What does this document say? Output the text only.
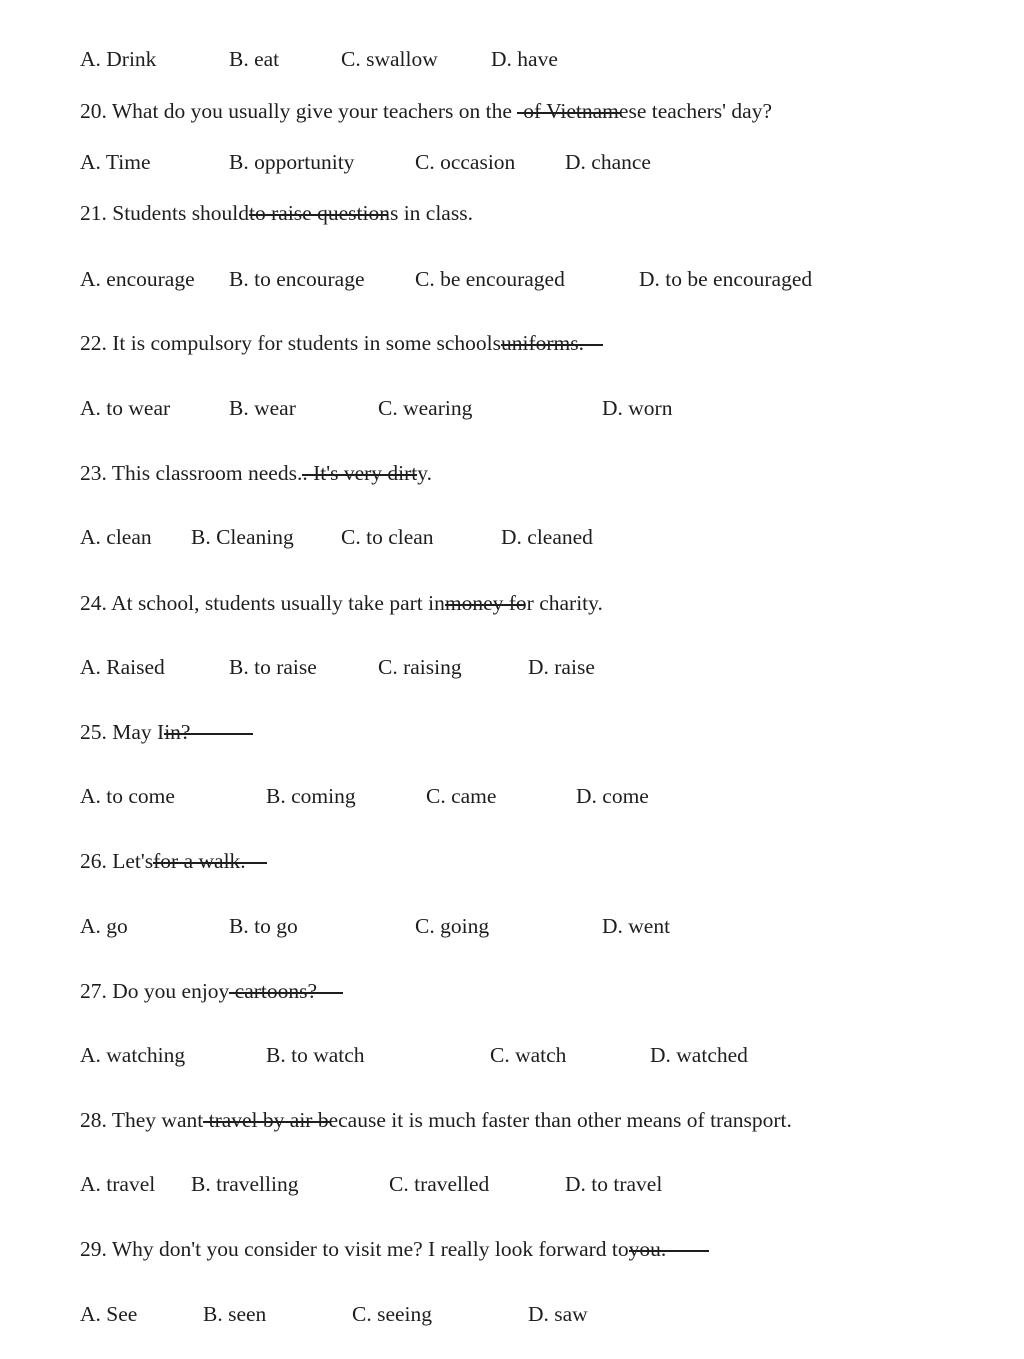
A. Drink	B. eat	C. swallow D. have
20. What do you usually give your teachers on the
of Vietnamese teachers' day?
A. Time	B. opportunity	C. occasion D. chance
21. Students should
to raise questions in class.
A. encourage B. to encourage C. be encouraged	D. to be encouraged
22. It is compulsory for students in some schools
uniforms.
A. to wear	B. wear	C. wearing	D. worn
23. This classroom needs.
. It's very dirty.
A. clean B. Cleaning C. to clean	D. cleaned
24. At school, students usually take part in
money for charity.
A. Raised	B. to raise	C. raising	D. raise
25. May I
in?
A. to come	B. coming	C. came	D. come
26. Let's
for a walk.
A. go	B. to go	C. going	D. went
27. Do you enjoy
cartoons?
A. watching	B. to watch	C. watch	D. watched
28. They want
travel by air because it is much faster than other means of transport.
A. travel B. travelling	C. travelled	D. to travel
29. Why don't you consider to visit me? I really look forward to
you.
A. See	B. seen	C. seeing	D. saw
